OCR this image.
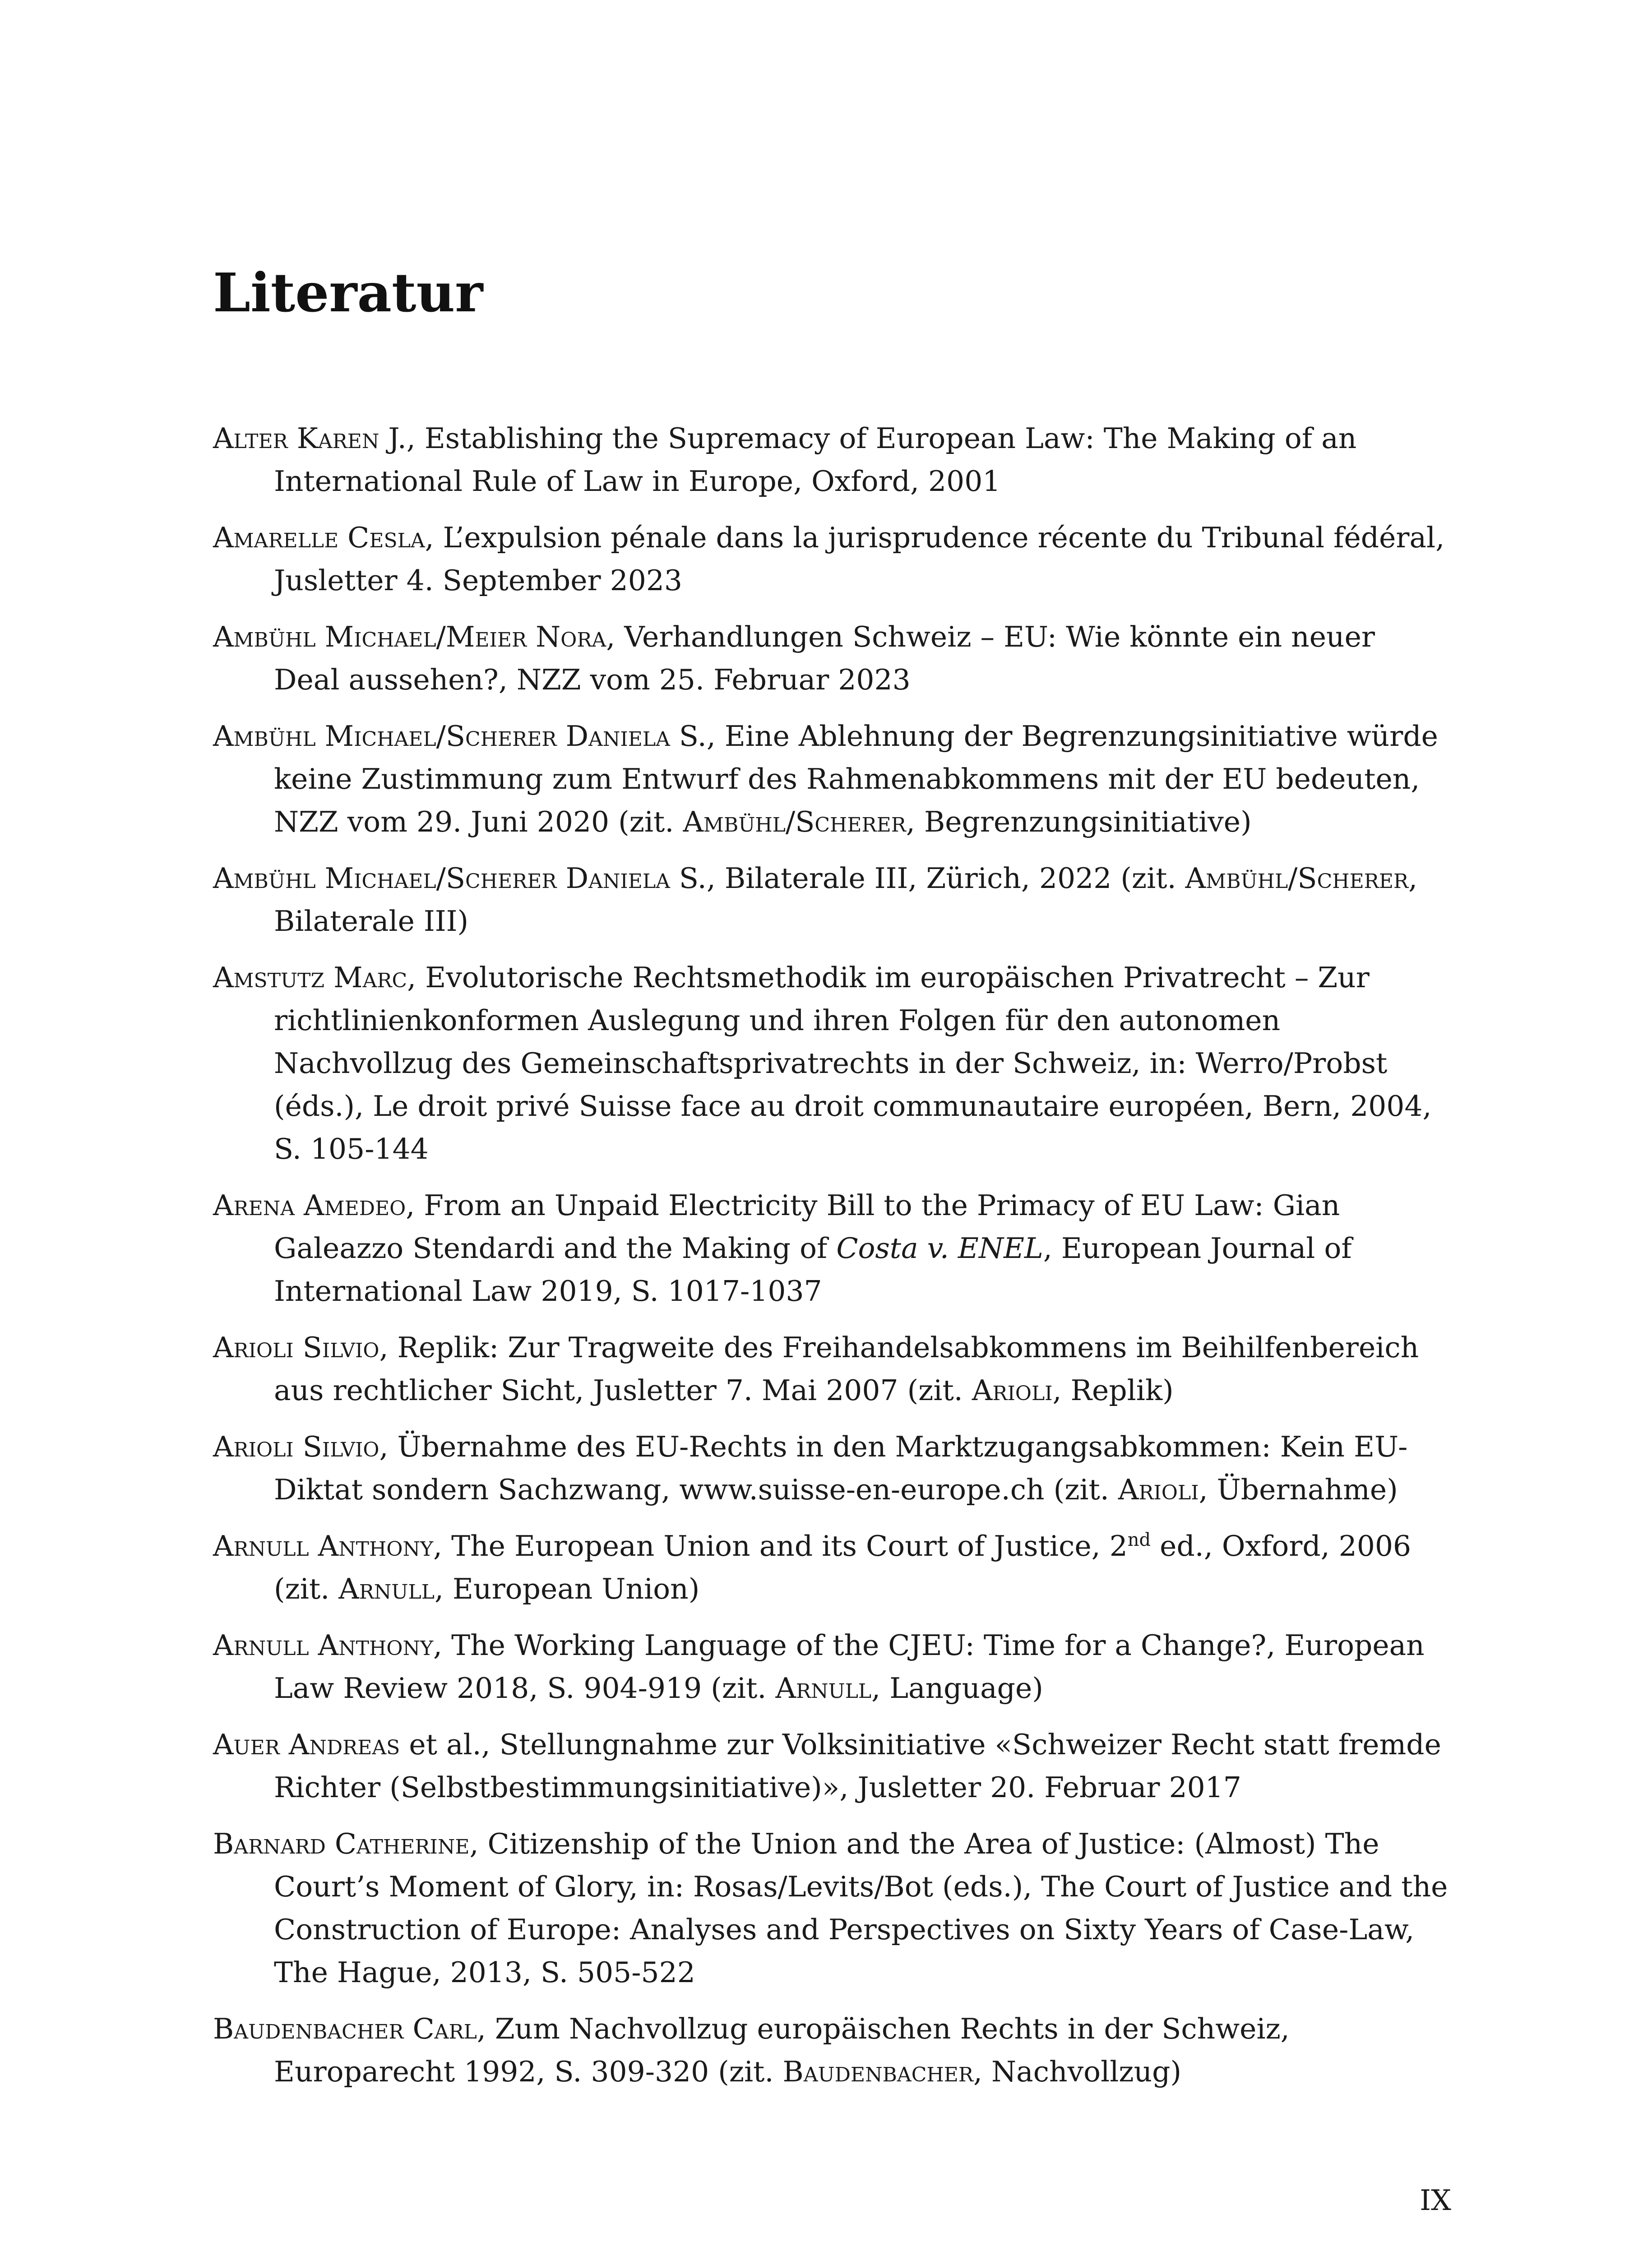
Literatur
Alter Karen J., Establishing the Supremacy of European Law: The Making of an International Rule of Law in Europe, Oxford, 2001
Amarelle Cesla, L’expulsion pénale dans la jurisprudence récente du Tribunal fédéral, Jusletter 4. September 2023
Ambühl Michael/Meier Nora, Verhandlungen Schweiz – EU: Wie könnte ein neuer Deal aussehen?, NZZ vom 25. Februar 2023
Ambühl Michael/Scherer Daniela S., Eine Ablehnung der Begrenzungsinitiative würde keine Zustimmung zum Entwurf des Rahmenabkommens mit der EU bedeuten, NZZ vom 29. Juni 2020 (zit. Ambühl/Scherer, Begrenzungsinitiative)
Ambühl Michael/Scherer Daniela S., Bilaterale III, Zürich, 2022 (zit. Ambühl/Scherer, Bilaterale III)
Amstutz Marc, Evolutorische Rechtsmethodik im europäischen Privatrecht – Zur richtlinienkonformen Auslegung und ihren Folgen für den autonomen Nachvollzug des Gemeinschaftsprivatrechts in der Schweiz, in: Werro/Probst (éds.), Le droit privé Suisse face au droit communautaire européen, Bern, 2004, S. 105-144
Arena Amedeo, From an Unpaid Electricity Bill to the Primacy of EU Law: Gian Galeazzo Stendardi and the Making of Costa v. ENEL, European Journal of International Law 2019, S. 1017-1037
Arioli Silvio, Replik: Zur Tragweite des Freihandelsabkommens im Beihilfenbereich aus rechtlicher Sicht, Jusletter 7. Mai 2007 (zit. Arioli, Replik)
Arioli Silvio, Übernahme des EU-Rechts in den Marktzugangsabkommen: Kein EU-Diktat sondern Sachzwang, www.suisse-en-europe.ch (zit. Arioli, Übernahme)
Arnull Anthony, The European Union and its Court of Justice, 2nd ed., Oxford, 2006 (zit. Arnull, European Union)
Arnull Anthony, The Working Language of the CJEU: Time for a Change?, European Law Review 2018, S. 904-919 (zit. Arnull, Language)
Auer Andreas et al., Stellungnahme zur Volksinitiative «Schweizer Recht statt fremde Richter (Selbstbestimmungsinitiative)», Jusletter 20. Februar 2017
Barnard Catherine, Citizenship of the Union and the Area of Justice: (Almost) The Court’s Moment of Glory, in: Rosas/Levits/Bot (eds.), The Court of Justice and the Construction of Europe: Analyses and Perspectives on Sixty Years of Case-Law, The Hague, 2013, S. 505-522
Baudenbacher Carl, Zum Nachvollzug europäischen Rechts in der Schweiz, Europarecht 1992, S. 309-320 (zit. Baudenbacher, Nachvollzug)
IX
